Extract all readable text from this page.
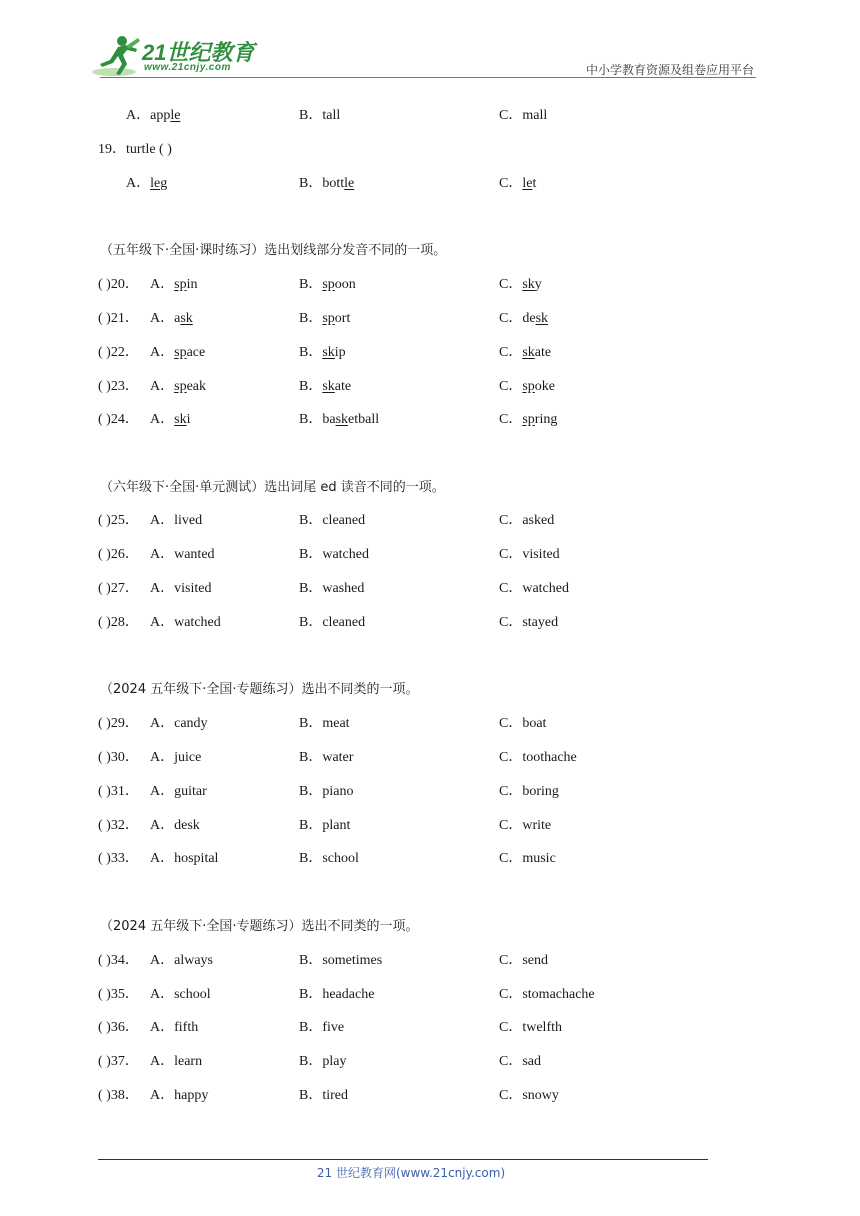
21世纪教育
www.21cnjy.com	中小学教育资源及组卷应用平台
A．apple	B．tall	C．mall
19．turtle ( )
A．leg	B．bottle	C．let
（五年级下·全国·课时练习）选出划线部分发音不同的一项。
( )20． A．spin	B．spoon	C．sky
( )21． A．ask	B．sport	C．desk
( )22． A．space	B．skip	C．skate
( )23． A．speak	B．skate	C．spoke
( )24． A．ski	B．basketball	C．spring
（六年级下·全国·单元测试）选出词尾 ed 读音不同的一项。
( )25． A．lived	B．cleaned	C．asked
( )26． A．wanted	B．watched	C．visited
( )27． A．visited	B．washed	C．watched
( )28． A．watched	B．cleaned	C．stayed
（2024 五年级下·全国·专题练习）选出不同类的一项。
( )29． A．candy	B．meat	C．boat
( )30． A．juice	B．water	C．toothache
( )31． A．guitar	B．piano	C．boring
( )32． A．desk	B．plant	C．write
( )33． A．hospital	B．school	C．music
（2024 五年级下·全国·专题练习）选出不同类的一项。
( )34． A．always	B．sometimes	C．send
( )35． A．school	B．headache	C．stomachache
( )36． A．fifth	B．five	C．twelfth
( )37． A．learn	B．play	C．sad
( )38． A．happy	B．tired	C．snowy
21 世纪教育网(www.21cnjy.com)
